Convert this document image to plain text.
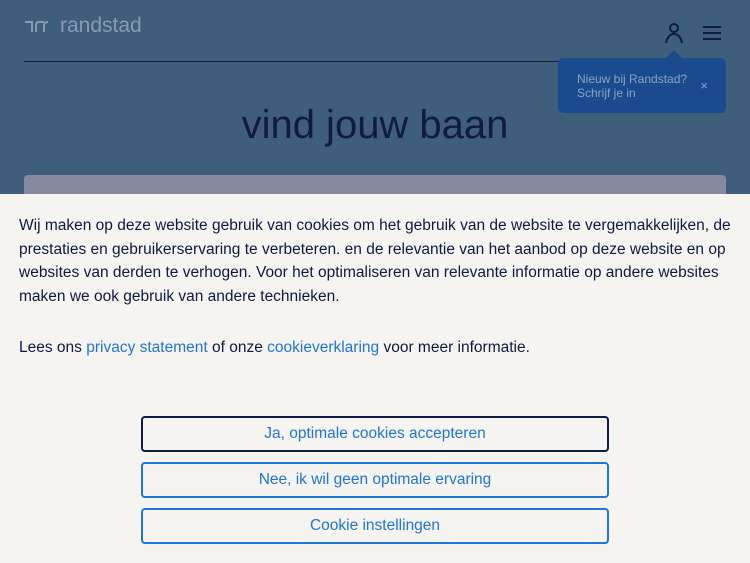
randstad
Nieuw bij Randstad?
Schrijf je in	×
vind jouw baan

Wij maken op deze website gebruik van cookies om het gebruik van de website te vergemakkelijken, de prestaties en gebruikerservaring te verbeteren. en de relevantie van het aanbod op deze website en op websites van derden te verhogen. Voor het optimaliseren van relevante informatie op andere websites maken we ook gebruik van andere technieken.

Lees ons privacy statement of onze cookieverklaring voor meer informatie.

Ja, optimale cookies accepteren
Nee, ik wil geen optimale ervaring
Cookie instellingen
